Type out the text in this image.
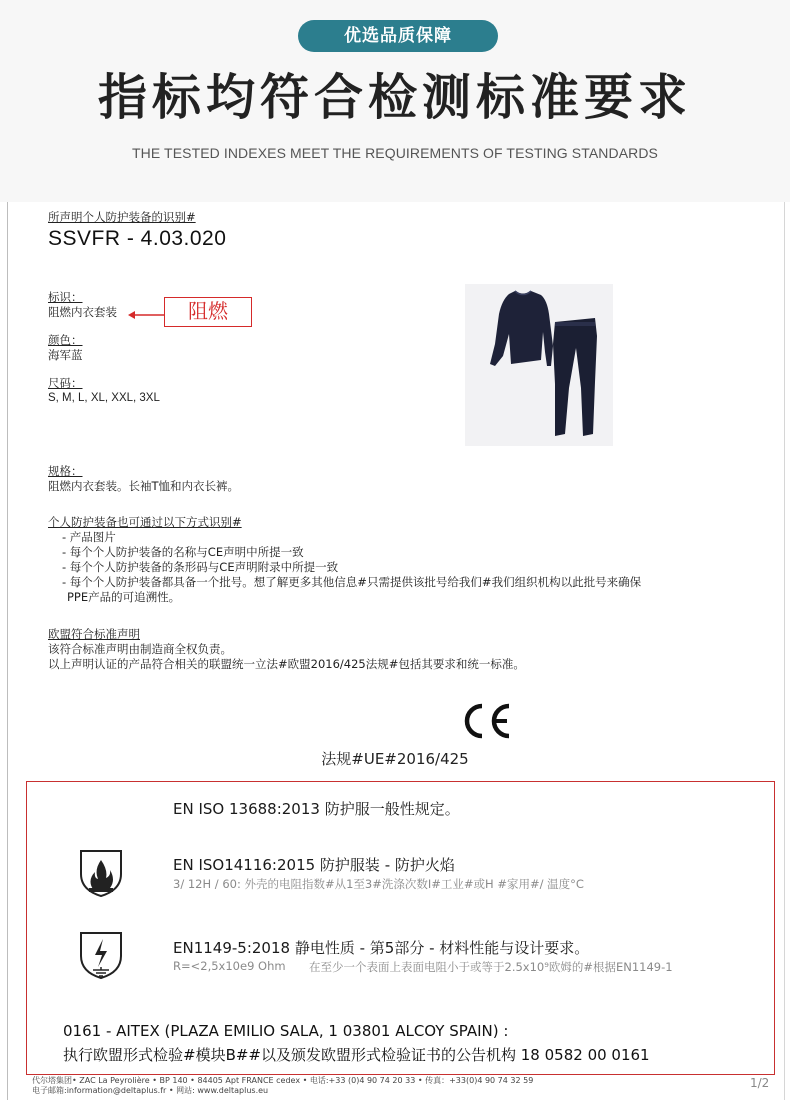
优选品质保障
指标均符合检测标准要求
THE TESTED INDEXES MEET THE REQUIREMENTS OF TESTING STANDARDS
所声明个人防护装备的识别#
SSVFR - 4.03.020
标识：
阻燃内衣套装	阻燃
颜色：
海军蓝
尺码：
S, M, L, XL, XXL, 3XL
规格：
阻燃内衣套装。长袖T恤和内衣长裤。
个人防护装备也可通过以下方式识别#
- 产品图片
- 每个个人防护装备的名称与CE声明中所提一致
- 每个个人防护装备的条形码与CE声明附录中所提一致
- 每个个人防护装备都具备一个批号。想了解更多其他信息#只需提供该批号给我们#我们组织机构以此批号来确保
PPE产品的可追溯性。
欧盟符合标准声明
该符合标准声明由制造商全权负责。
以上声明认证的产品符合相关的联盟统一立法#欧盟2016/425法规#包括其要求和统一标准。
法规#UE#2016/425
EN ISO 13688:2013 防护服一般性规定。
EN ISO14116:2015 防护服装 - 防护火焰
3/ 12H / 60: 外壳的电阻指数#从1至3#洗涤次数I#工业#或H #家用#/ 温度°C
EN1149-5:2018 静电性质 - 第5部分 - 材料性能与设计要求。
R=<2,5x10e9 Ohm 在至少一个表面上表面电阻小于或等于2.5x10⁹欧姆的#根据EN1149-1
0161 - AITEX (PLAZA EMILIO SALA, 1 03801 ALCOY SPAIN) :
执行欧盟形式检验#模块B##以及颁发欧盟形式检验证书的公告机构 18 0582 00 0161
代尔塔集团• ZAC La Peyrolière • BP 140 • 84405 Apt FRANCE cedex • 电话:+33 (0)4 90 74 20 33 • 传真：+33(0)4 90 74 32 59
电子邮箱:information@deltaplus.fr • 网站: www.deltaplus.eu
1/2
